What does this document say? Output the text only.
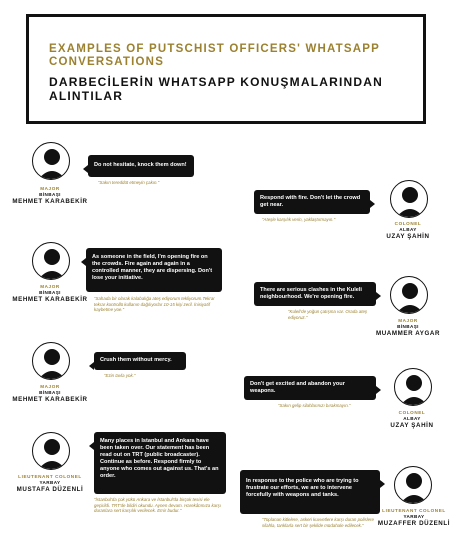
EXAMPLES OF PUTSCHIST OFFICERS' WHATSAPP CONVERSATIONS
DARBECİLERİN WHATSAPP KONUŞMALARINDAN ALINTILAR
MAJOR
BİNBAŞI
MEHMET KARABEKİR
Do not hesitate, knock them down!
"Sakın tereddüt etmeyin çakın."
COLONEL
ALBAY
UZAY ŞAHİN
Respond with fire. Don't let the crowd get near.
"Ateşle karşılık verin, yaklaştırmayın."
MAJOR
BİNBAŞI
MEHMET KARABEKİR
As someone in the field, I'm opening fire on the crowds. Fire again and again in a controlled manner, they are dispersing. Don't lose your initiative.
"Sahada bir olarak kalabalığa ateş ediyorum tekliyorum.Tekrar tekrar kontrollü kullanın dağılıyorlar 10-15 kişi zeril. İnisiyatif kaybetme yoe."
MAJOR
BİNBAŞI
MUAMMER AYGAR
There are serious clashes in the Kuleli neighbourhood. We're opening fire.
"Kuleli'de yoğun çatışma var. Orada ateş ediyoruz."
MAJOR
BİNBAŞI
MEHMET KARABEKİR
Crush them without mercy.
"Ezin tavla yok."
COLONEL
ALBAY
UZAY ŞAHİN
Don't get excited and abandon your weapons.
"Sakın gelip silahlarınızı bırakmayın."
LIEUTENANT COLONEL
YARBAY
MUSTAFA DÜZENLİ
Many places in Istanbul and Ankara have been taken over. Our statement has been read out on TRT (public broadcaster). Continue as before. Respond firmly to anyone who comes out against us. That's an order.
"İstanbul'da çok yükü Ankara ve İstanbul'da birçok tesisi ele geçirildi. TRT'de bildiri okundu. Aynen devam. Harekâtımıza karşı duranlara sert karşılık verilecek. Emir budur."	LIEUTENANT COLONEL
YARBAY
MUZAFFER DÜZENLİ
In response to the police who are trying to frustrate our efforts, we are to intervene forcefully with weapons and tanks.
"Toplanan kitlelere, askeri kuvvetlere karşı duran polislere silahla, tanklarla sert bir şekilde müdahale edilecek."
